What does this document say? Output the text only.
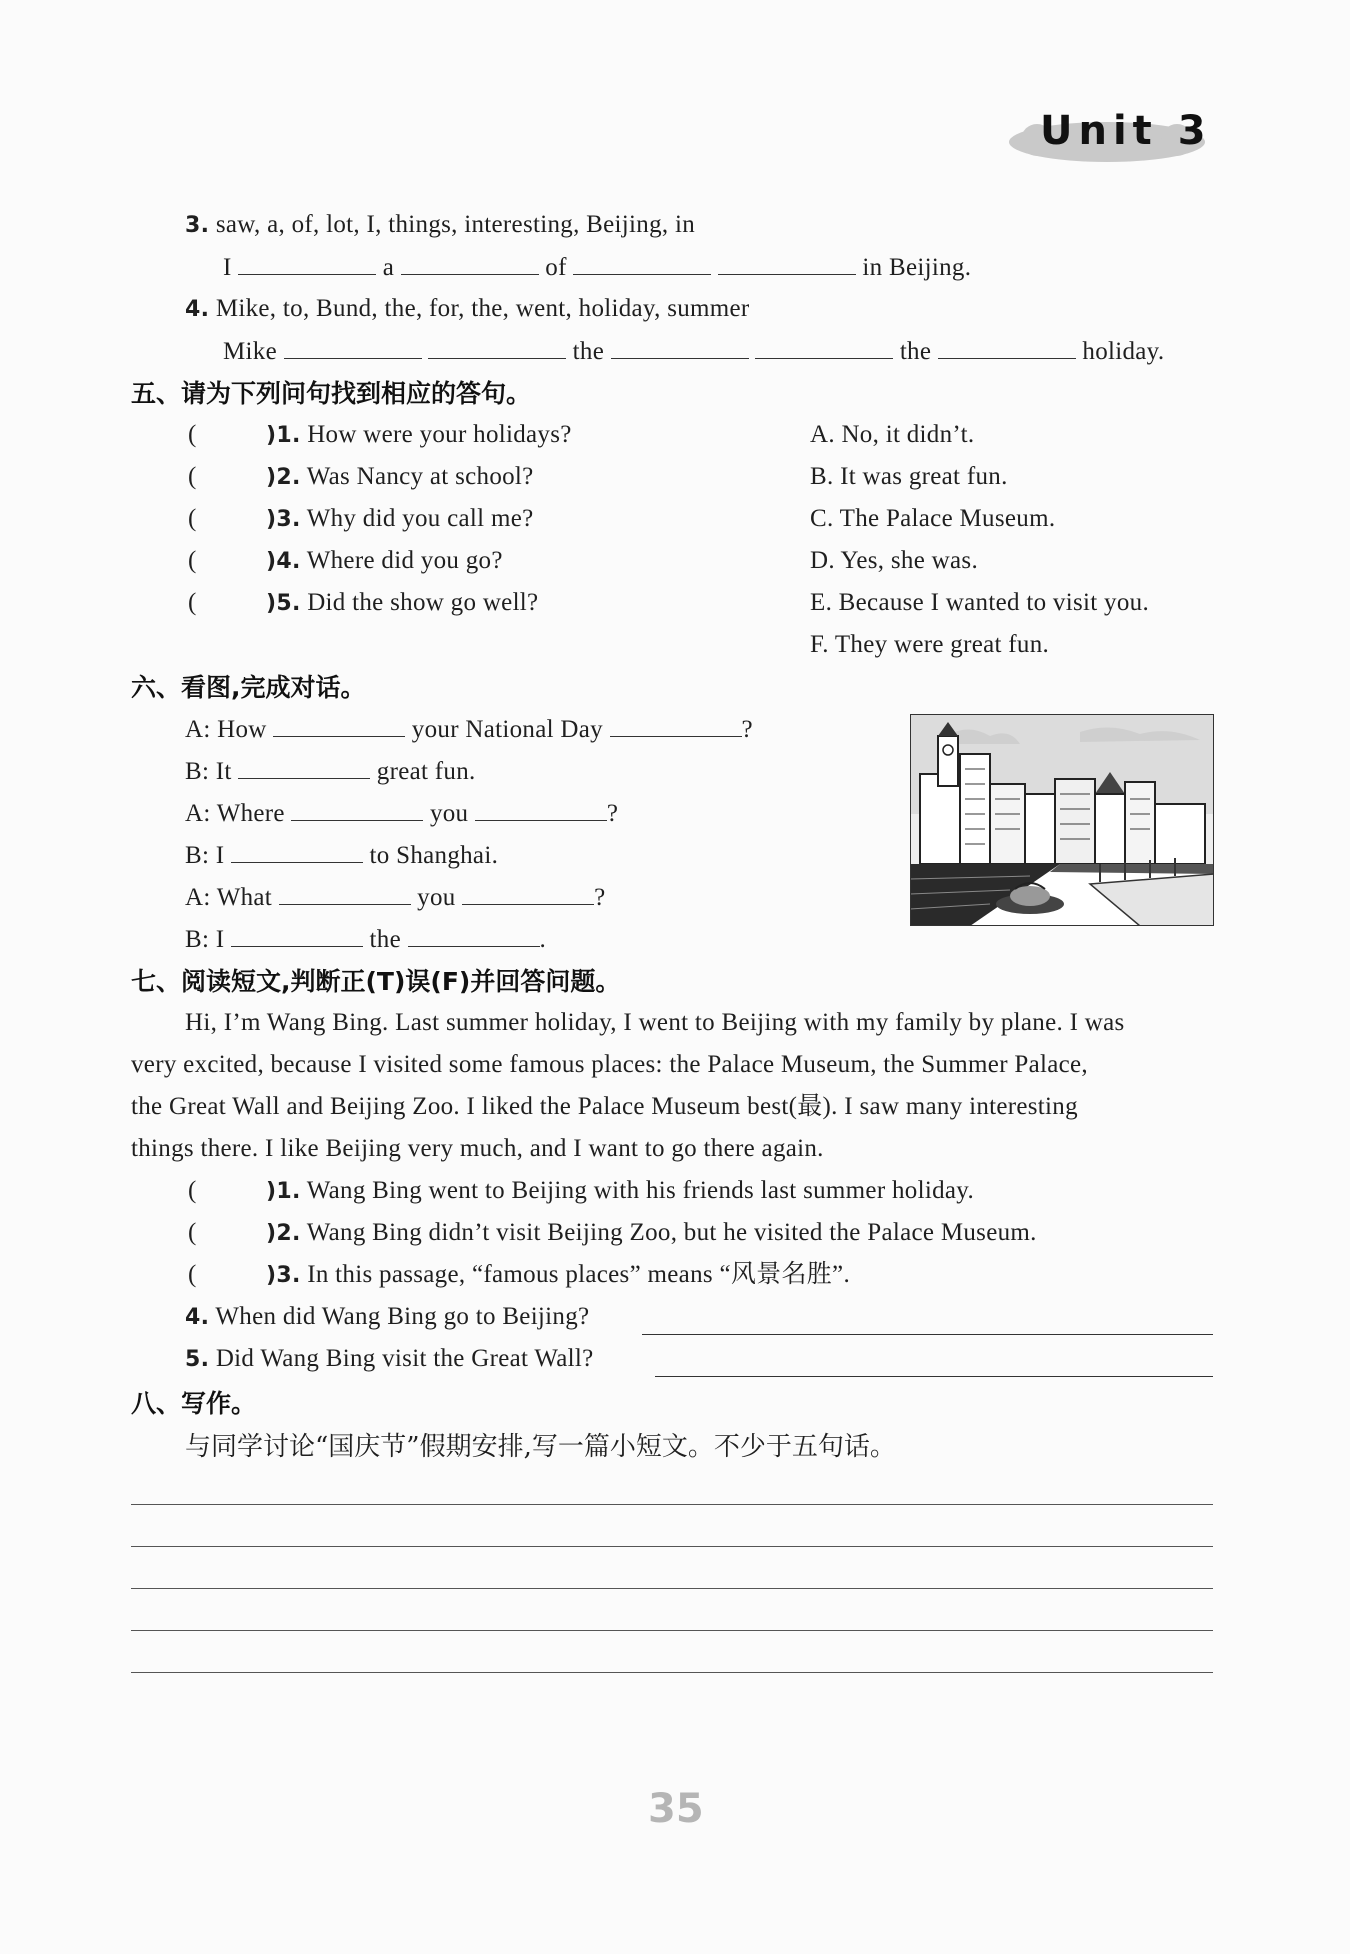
Unit 3
3. saw, a, of, lot, I, things, interesting, Beijing, in
I	a	of	in Beijing.
4. Mike, to, Bund, the, for, the, went, holiday, summer
Mike	the	the	holiday.
五、请为下列问句找到相应的答句。
(	)1. How were your holidays?
(	)2. Was Nancy at school?
(	)3. Why did you call me?
(	)4. Where did you go?
(	)5. Did the show go well?
A. No, it didn’t.
B. It was great fun.
C. The Palace Museum.
D. Yes, she was.
E. Because I wanted to visit you.
F. They were great fun.
六、看图,完成对话。
A: How	your National Day	?
B: It	great fun.
A: Where	you	?
B: I	to Shanghai.
A: What	you	?
B: I	the	.
七、阅读短文,判断正(T)误(F)并回答问题。
Hi, I’m Wang Bing. Last summer holiday, I went to Beijing with my family by plane. I was
very excited, because I visited some famous places: the Palace Museum, the Summer Palace,
the Great Wall and Beijing Zoo. I liked the Palace Museum best(最). I saw many interesting
things there. I like Beijing very much, and I want to go there again.
(	)1. Wang Bing went to Beijing with his friends last summer holiday.
(	)2. Wang Bing didn’t visit Beijing Zoo, but he visited the Palace Museum.
(	)3. In this passage, “famous places” means “风景名胜”.
4. When did Wang Bing go to Beijing?
5. Did Wang Bing visit the Great Wall?
八、写作。
与同学讨论“国庆节”假期安排,写一篇小短文。不少于五句话。
35
